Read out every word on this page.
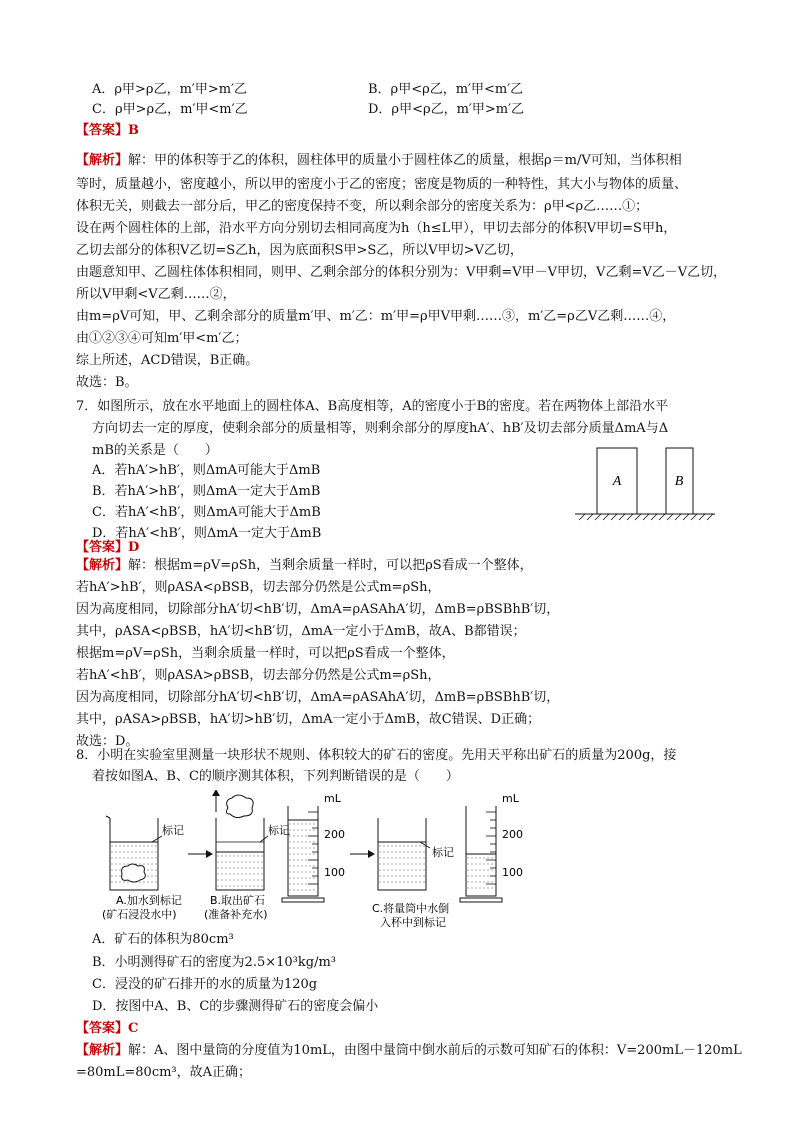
A．ρ甲>ρ乙，m′甲>m′乙	B．ρ甲<ρ乙，m′甲<m′乙
C．ρ甲>ρ乙，m′甲<m′乙	D．ρ甲<ρ乙，m′甲>m′乙
【答案】B
【解析】解：甲的体积等于乙的体积，圆柱体甲的质量小于圆柱体乙的质量，根据ρ＝m/V可知，当体积相
等时，质量越小，密度越小，所以甲的密度小于乙的密度；密度是物质的一种特性，其大小与物体的质量、
体积无关，则截去一部分后，甲乙的密度保持不变，所以剩余部分的密度关系为：ρ甲<ρ乙……①；
设在两个圆柱体的上部，沿水平方向分别切去相同高度为h（h≤L甲），甲切去部分的体积V甲切=S甲h，
乙切去部分的体积V乙切=S乙h，因为底面积S甲>S乙，所以V甲切>V乙切，
由题意知甲、乙圆柱体体积相同，则甲、乙剩余部分的体积分别为：V甲剩=V甲－V甲切，V乙剩=V乙－V乙切，
所以V甲剩<V乙剩……②，
由m=ρV可知，甲、乙剩余部分的质量m′甲、m′乙：m′甲=ρ甲V甲剩……③，m′乙=ρ乙V乙剩……④，
由①②③④可知m′甲<m′乙；
综上所述，ACD错误，B正确。
故选：B。
7．如图所示，放在水平地面上的圆柱体A、B高度相等，A的密度小于B的密度。若在两物体上部沿水平
方向切去一定的厚度，使剩余部分的质量相等，则剩余部分的厚度hA′、hB′及切去部分质量ΔmA与Δ
mB的关系是（　　）
A．若hA′>hB′，则ΔmA可能大于ΔmB
B．若hA′>hB′，则ΔmA一定大于ΔmB
C．若hA′<hB′，则ΔmA可能大于ΔmB
D．若hA′<hB′，则ΔmA一定大于ΔmB
A	B
【答案】D
【解析】解：根据m=ρV=ρSh，当剩余质量一样时，可以把ρS看成一个整体，
若hA′>hB′，则ρASA<ρBSB，切去部分仍然是公式m=ρSh，
因为高度相同，切除部分hA′切<hB′切，ΔmA=ρASAhA′切，ΔmB=ρBSBhB′切，
其中，ρASA<ρBSB，hA′切<hB′切，ΔmA一定小于ΔmB，故A、B都错误；
根据m=ρV=ρSh，当剩余质量一样时，可以把ρS看成一个整体，
若hA′<hB′，则ρASA>ρBSB，切去部分仍然是公式m=ρSh，
因为高度相同，切除部分hA′切<hB′切，ΔmA=ρASAhA′切，ΔmB=ρBSBhB′切，
其中，ρASA>ρBSB，hA′切>hB′切，ΔmA一定小于ΔmB，故C错误、D正确；
故选：D。
8．小明在实验室里测量一块形状不规则、体积较大的矿石的密度。先用天平称出矿石的质量为200g，接
着按如图A、B、C的顺序测其体积，下列判断错误的是（　　）
标记
A.加水到标记
(矿石浸没水中)
标记
B.取出矿石
(准备补充水)
mL
200
100
标记
C.将量筒中水倒
入杯中到标记
mL
200
100
A．矿石的体积为80cm³
B．小明测得矿石的密度为2.5×10³kg/m³
C．浸没的矿石排开的水的质量为120g
D．按图中A、B、C的步骤测得矿石的密度会偏小
【答案】C
【解析】解：A、图中量筒的分度值为10mL，由图中量筒中倒水前后的示数可知矿石的体积：V=200mL－120mL
=80mL=80cm³，故A正确；
